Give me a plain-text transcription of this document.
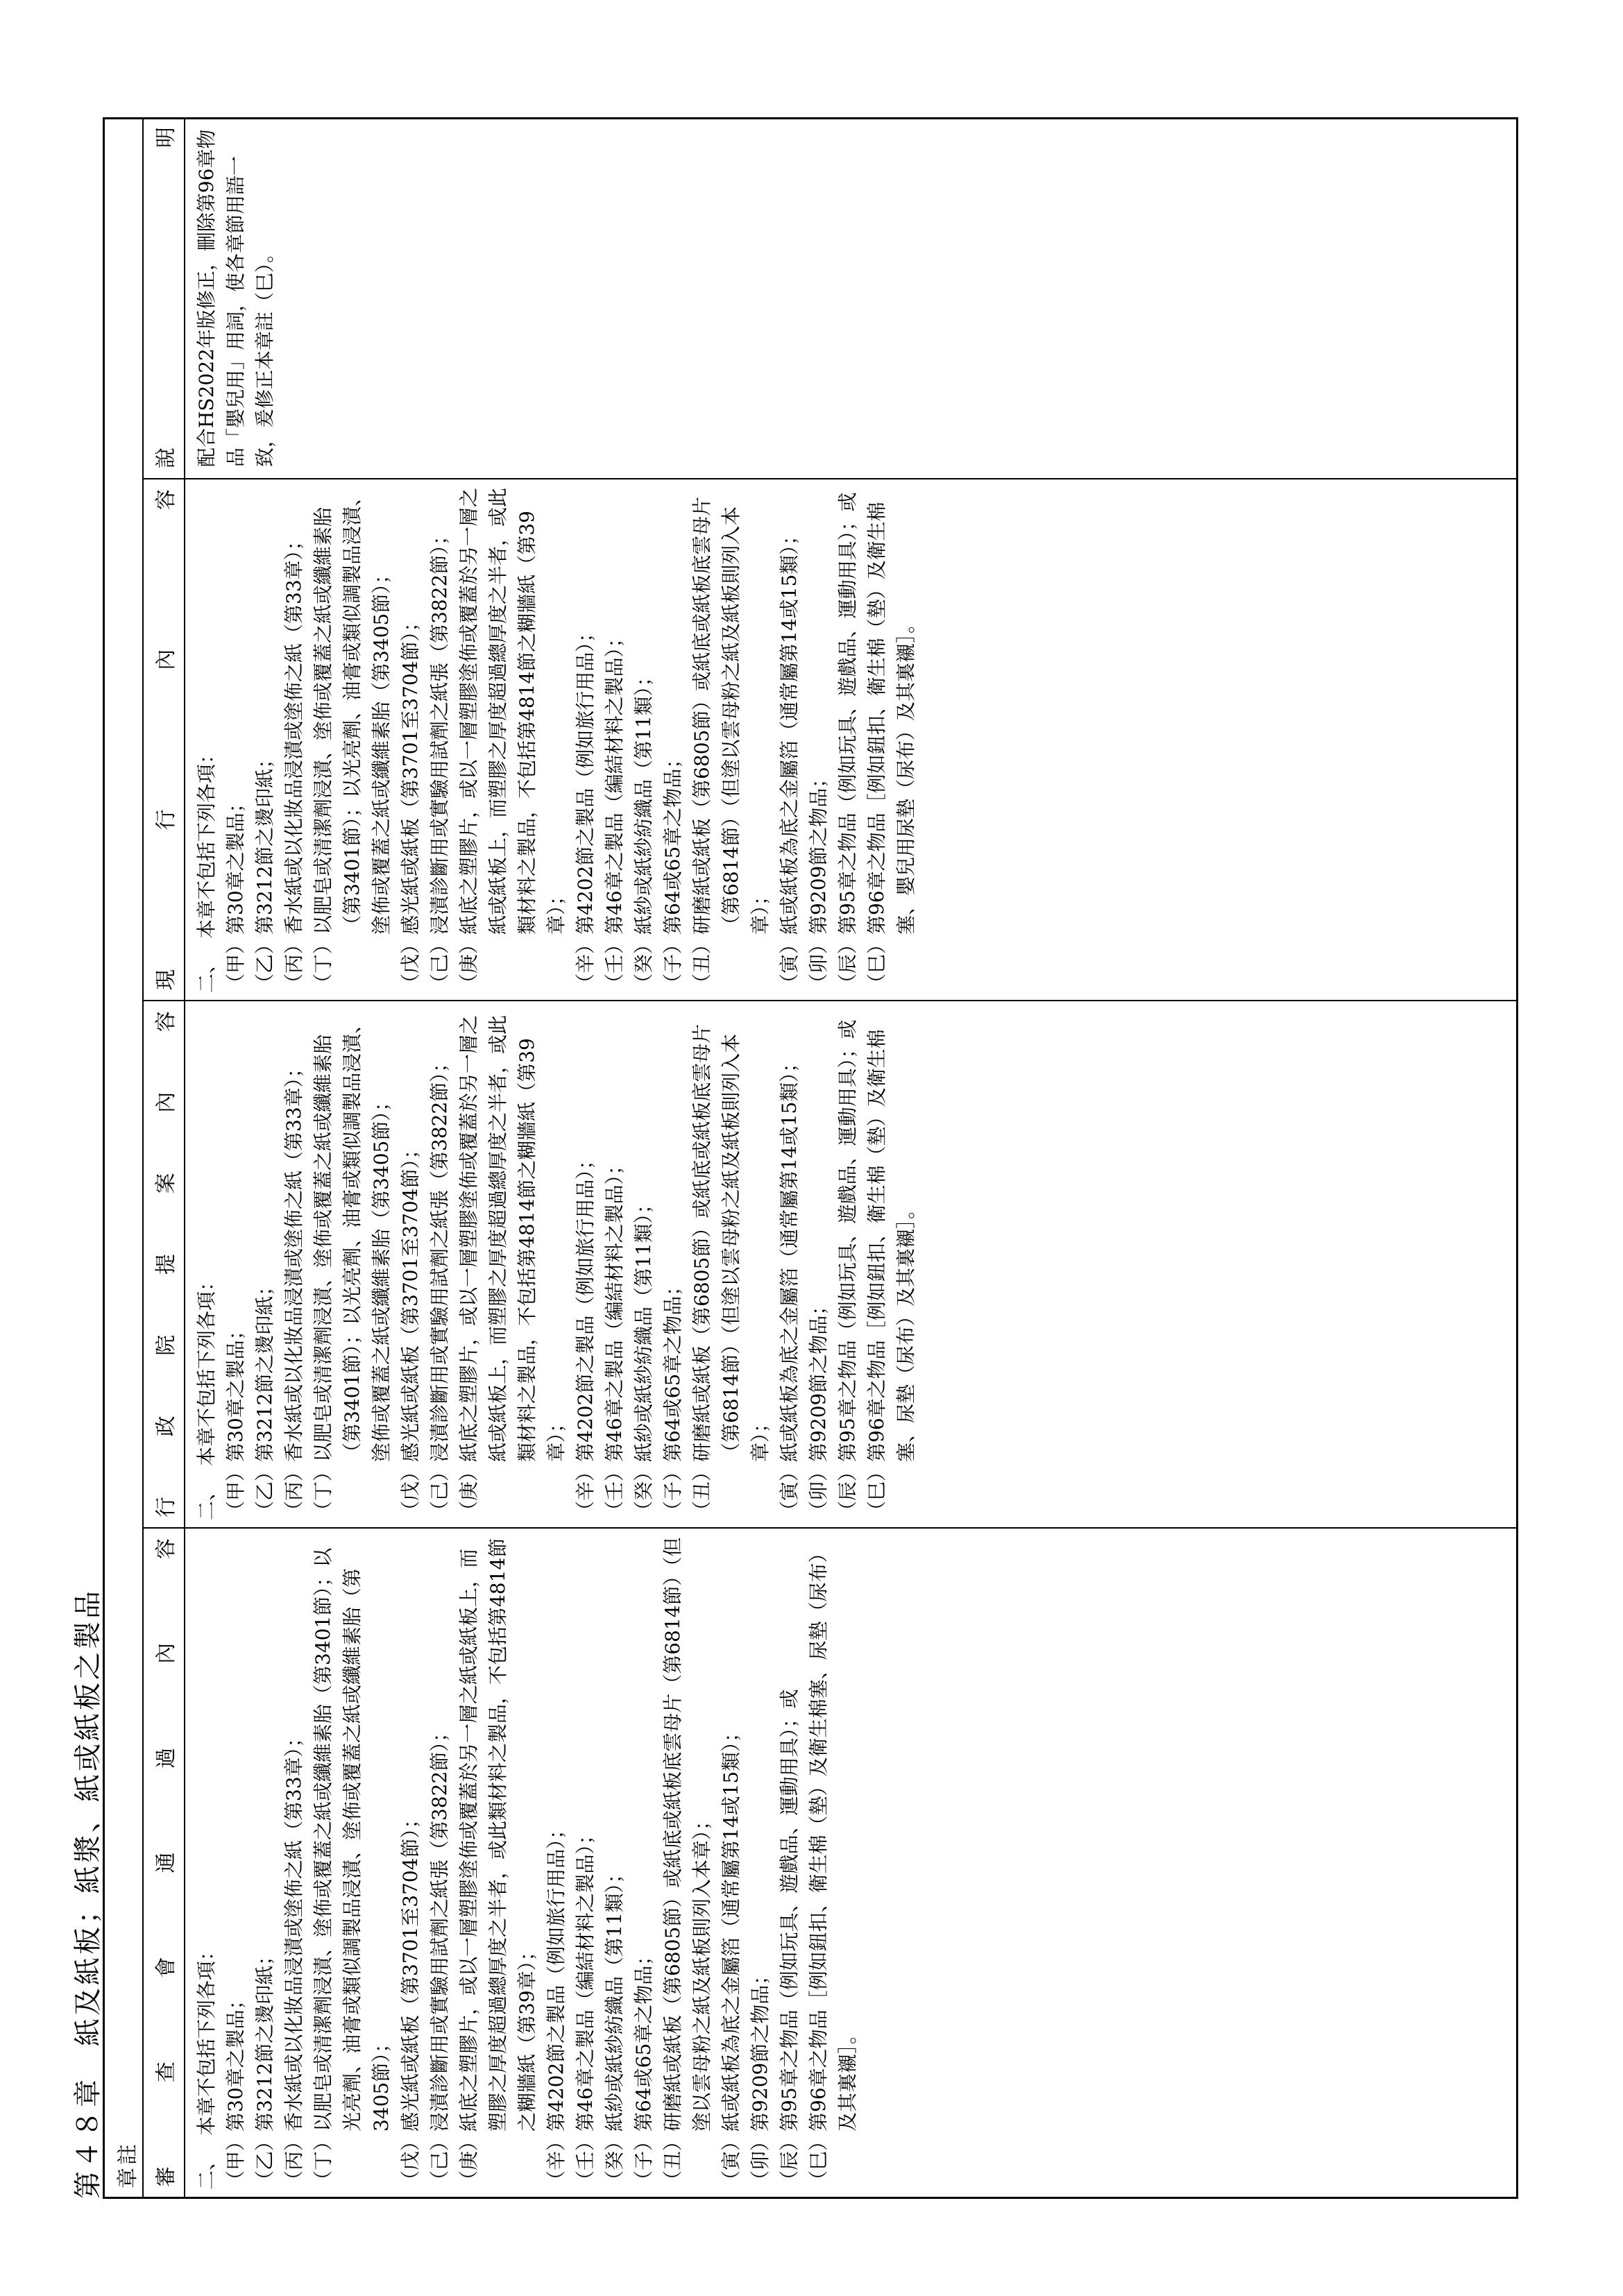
第４８章　紙及紙板；紙漿、紙或紙板之製品 章註 審
查
會
通
過
內
容
二、
本章不包括下列各項：
（甲）
第30章之製品；
（乙）
第3212節之燙印紙；
（丙）
香水紙或以化妝品浸漬或塗佈之紙（第33章）；
（丁）
以肥皂或清潔劑浸漬、塗佈或覆蓋之紙或纖維素胎（第3401節）；以光亮劑、油膏或類似調製品浸漬、塗佈或覆蓋之紙或纖維素胎（第3405節）；
（戊）
感光紙或紙板（第3701至3704節）；
（己）
浸漬診斷用或實驗用試劑之紙張（第3822節）；
（庚）
紙底之塑膠片，或以一層塑膠塗佈或覆蓋於另一層之紙或紙板上，而塑膠之厚度超過總厚度之半者，或此類材料之製品，不包括第4814節之糊牆紙（第39章）；
（辛）
第4202節之製品（例如旅行用品）；
（壬）
第46章之製品（編結材料之製品）；
（癸）
紙紗或紙紗紡織品（第11類）；
（子）
第64或65章之物品；
（丑）
研磨紙或紙板（第6805節）或紙底或紙板底雲母片（第6814節）（但塗以雲母粉之紙及紙板則列入本章）；
（寅）
紙或紙板為底之金屬箔（通常屬第14或15類）；
（卯）
第9209節之物品；
（辰）
第95章之物品（例如玩具、遊戲品、運動用具）；或
（巳）
第96章之物品［例如鈕扣、衛生棉（墊）及衛生棉塞、尿墊（尿布）及其裏襯］。
行
政
院
提
案
內
容
二、
本章不包括下列各項：
（甲）
第30章之製品；
（乙）
第3212節之燙印紙；
（丙）
香水紙或以化妝品浸漬或塗佈之紙（第33章）；
（丁）
以肥皂或清潔劑浸漬、塗佈或覆蓋之紙或纖維素胎（第3401節）；以光亮劑、油膏或類似調製品浸漬、塗佈或覆蓋之紙或纖維素胎（第3405節）；
（戊）
感光紙或紙板（第3701至3704節）；
（己）
浸漬診斷用或實驗用試劑之紙張（第3822節）；
（庚）
紙底之塑膠片，或以一層塑膠塗佈或覆蓋於另一層之紙或紙板上，而塑膠之厚度超過總厚度之半者，或此類材料之製品，不包括第4814節之糊牆紙（第39章）；
（辛）
第4202節之製品（例如旅行用品）；
（壬）
第46章之製品（編結材料之製品）；
（癸）
紙紗或紙紗紡織品（第11類）；
（子）
第64或65章之物品；
（丑）
研磨紙或紙板（第6805節）或紙底或紙板底雲母片（第6814節）（但塗以雲母粉之紙及紙板則列入本章）；
（寅）
紙或紙板為底之金屬箔（通常屬第14或15類）；
（卯）
第9209節之物品；
（辰）
第95章之物品（例如玩具、遊戲品、運動用具）；或
（巳）
第96章之物品［例如鈕扣、衛生棉（墊）及衛生棉塞、尿墊（尿布）及其裏襯］。
現
行
內
容
二、
本章不包括下列各項：
（甲）
第30章之製品；
（乙）
第3212節之燙印紙；
（丙）
香水紙或以化妝品浸漬或塗佈之紙（第33章）；
（丁）
以肥皂或清潔劑浸漬、塗佈或覆蓋之紙或纖維素胎（第3401節）；以光亮劑、油膏或類似調製品浸漬、塗佈或覆蓋之紙或纖維素胎（第3405節）；
（戊）
感光紙或紙板（第3701至3704節）；
（己）
浸漬診斷用或實驗用試劑之紙張（第3822節）；
（庚）
紙底之塑膠片，或以一層塑膠塗佈或覆蓋於另一層之紙或紙板上，而塑膠之厚度超過總厚度之半者，或此類材料之製品，不包括第4814節之糊牆紙（第39章）；
（辛）
第4202節之製品（例如旅行用品）；
（壬）
第46章之製品（編結材料之製品）；
（癸）
紙紗或紙紗紡織品（第11類）；
（子）
第64或65章之物品；
（丑）
研磨紙或紙板（第6805節）或紙底或紙板底雲母片（第6814節）（但塗以雲母粉之紙及紙板則列入本章）；
（寅）
紙或紙板為底之金屬箔（通常屬第14或15類）；
（卯）
第9209節之物品；
（辰）
第95章之物品（例如玩具、遊戲品、運動用具）；或
（巳）
第96章之物品［例如鈕扣、衛生棉（墊）及衛生棉塞、嬰兒用尿墊（尿布）及其裏襯］。
說
明 配合HS2022年版修正，刪除第96章物品「嬰兒用」用詞，使各章節用語一致，爰修正本章註（巳）。
